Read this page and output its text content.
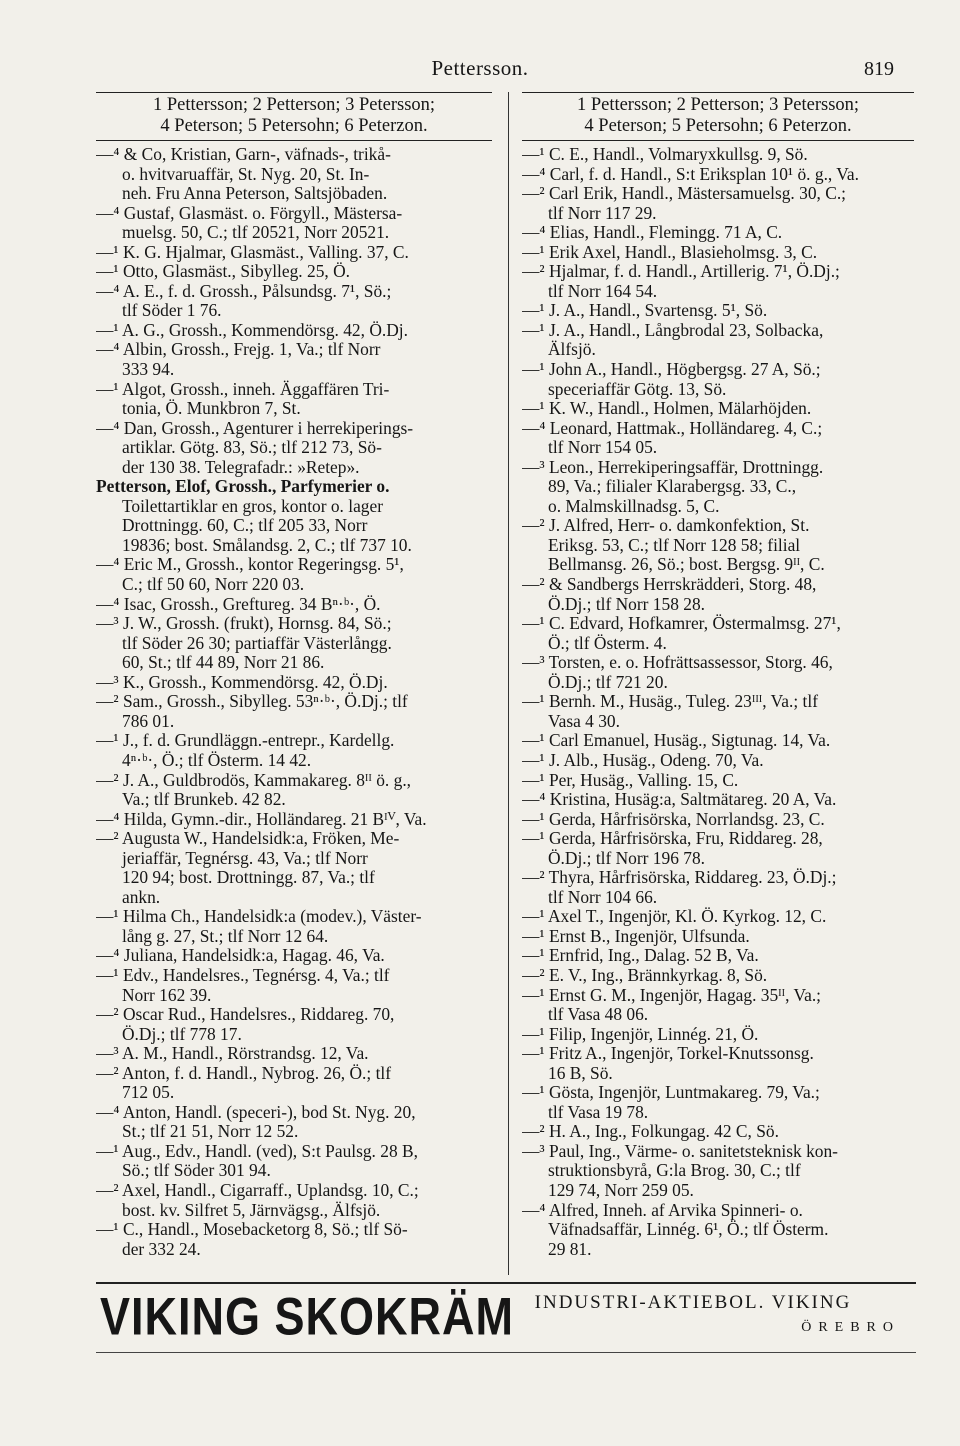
Pettersson.	819
1 Pettersson; 2 Petterson; 3 Petersson;
4 Peterson; 5 Petersohn; 6 Peterzon.
—⁴ & Co, Kristian, Garn-, väfnads-, trikå-
o. hvitvaruaffär, St. Nyg. 20, St. In-
neh. Fru Anna Peterson, Saltsjöbaden.
—⁴ Gustaf, Glasmäst. o. Förgyll., Mästersa-
muelsg. 50, C.; tlf 20521, Norr 20521.
—¹ K. G. Hjalmar, Glasmäst., Valling. 37, C.
—¹ Otto, Glasmäst., Sibylleg. 25, Ö.
—⁴ A. E., f. d. Grossh., Pålsundsg. 7¹, Sö.;
tlf Söder 1 76.
—¹ A. G., Grossh., Kommendörsg. 42, Ö.Dj.
—⁴ Albin, Grossh., Frejg. 1, Va.; tlf Norr
333 94.
—¹ Algot, Grossh., inneh. Äggaffären Tri-
tonia, Ö. Munkbron 7, St.
—⁴ Dan, Grossh., Agenturer i herrekiperings-
artiklar. Götg. 83, Sö.; tlf 212 73, Sö-
der 130 38. Telegrafadr.: »Retep».
Petterson, Elof, Grossh., Parfymerier o.
Toilettartiklar en gros, kontor o. lager
Drottningg. 60, C.; tlf 205 33, Norr
19836; bost. Smålandsg. 2, C.; tlf 737 10.
—⁴ Eric M., Grossh., kontor Regeringsg. 5¹,
C.; tlf 50 60, Norr 220 03.
—⁴ Isac, Grossh., Greftureg. 34 Bⁿ·ᵇ·, Ö.
—³ J. W., Grossh. (frukt), Hornsg. 84, Sö.;
tlf Söder 26 30; partiaffär Västerlångg.
60, St.; tlf 44 89, Norr 21 86.
—³ K., Grossh., Kommendörsg. 42, Ö.Dj.
—² Sam., Grossh., Sibylleg. 53ⁿ·ᵇ·, Ö.Dj.; tlf
786 01.
—¹ J., f. d. Grundläggn.-entrepr., Kardellg.
4ⁿ·ᵇ·, Ö.; tlf Österm. 14 42.
—² J. A., Guldbrodös, Kammakareg. 8ᴵᴵ ö. g.,
Va.; tlf Brunkeb. 42 82.
—⁴ Hilda, Gymn.-dir., Holländareg. 21 Bᴵⱽ, Va.
—² Augusta W., Handelsidk:a, Fröken, Me-
jeriaffär, Tegnérsg. 43, Va.; tlf Norr
120 94; bost. Drottningg. 87, Va.; tlf
ankn.
—¹ Hilma Ch., Handelsidk:a (modev.), Väster-
lång g. 27, St.; tlf Norr 12 64.
—⁴ Juliana, Handelsidk:a, Hagag. 46, Va.
—¹ Edv., Handelsres., Tegnérsg. 4, Va.; tlf
Norr 162 39.
—² Oscar Rud., Handelsres., Riddareg. 70,
Ö.Dj.; tlf 778 17.
—³ A. M., Handl., Rörstrandsg. 12, Va.
—² Anton, f. d. Handl., Nybrog. 26, Ö.; tlf
712 05.
—⁴ Anton, Handl. (speceri-), bod St. Nyg. 20,
St.; tlf 21 51, Norr 12 52.
—¹ Aug., Edv., Handl. (ved), S:t Paulsg. 28 B,
Sö.; tlf Söder 301 94.
—² Axel, Handl., Cigarraff., Uplandsg. 10, C.;
bost. kv. Silfret 5, Järnvägsg., Älfsjö.
—¹ C., Handl., Mosebacketorg 8, Sö.; tlf Sö-
der 332 24.
1 Pettersson; 2 Petterson; 3 Petersson;
4 Peterson; 5 Petersohn; 6 Peterzon.
—¹ C. E., Handl., Volmaryxkullsg. 9, Sö.
—⁴ Carl, f. d. Handl., S:t Eriksplan 10¹ ö. g., Va.
—² Carl Erik, Handl., Mästersamuelsg. 30, C.;
tlf Norr 117 29.
—⁴ Elias, Handl., Flemingg. 71 A, C.
—¹ Erik Axel, Handl., Blasieholmsg. 3, C.
—² Hjalmar, f. d. Handl., Artillerig. 7¹, Ö.Dj.;
tlf Norr 164 54.
—¹ J. A., Handl., Svartensg. 5¹, Sö.
—¹ J. A., Handl., Långbrodal 23, Solbacka,
Älfsjö.
—¹ John A., Handl., Högbergsg. 27 A, Sö.;
speceriaffär Götg. 13, Sö.
—¹ K. W., Handl., Holmen, Mälarhöjden.
—⁴ Leonard, Hattmak., Holländareg. 4, C.;
tlf Norr 154 05.
—³ Leon., Herrekiperingsaffär, Drottningg.
89, Va.; filialer Klarabergsg. 33, C.,
o. Malmskillnadsg. 5, C.
—² J. Alfred, Herr- o. damkonfektion, St.
Eriksg. 53, C.; tlf Norr 128 58; filial
Bellmansg. 26, Sö.; bost. Bergsg. 9ᴵᴵ, C.
—² & Sandbergs Herrskrädderi, Storg. 48,
Ö.Dj.; tlf Norr 158 28.
—¹ C. Edvard, Hofkamrer, Östermalmsg. 27¹,
Ö.; tlf Österm. 4.
—³ Torsten, e. o. Hofrättsassessor, Storg. 46,
Ö.Dj.; tlf 721 20.
—¹ Bernh. M., Husäg., Tuleg. 23ᴵᴵᴵ, Va.; tlf
Vasa 4 30.
—¹ Carl Emanuel, Husäg., Sigtunag. 14, Va.
—¹ J. Alb., Husäg., Odeng. 70, Va.
—¹ Per, Husäg., Valling. 15, C.
—⁴ Kristina, Husäg:a, Saltmätareg. 20 A, Va.
—¹ Gerda, Hårfrisörska, Norrlandsg. 23, C.
—¹ Gerda, Hårfrisörska, Fru, Riddareg. 28,
Ö.Dj.; tlf Norr 196 78.
—² Thyra, Hårfrisörska, Riddareg. 23, Ö.Dj.;
tlf Norr 104 66.
—¹ Axel T., Ingenjör, Kl. Ö. Kyrkog. 12, C.
—¹ Ernst B., Ingenjör, Ulfsunda.
—¹ Ernfrid, Ing., Dalag. 52 B, Va.
—² E. V., Ing., Brännkyrkag. 8, Sö.
—¹ Ernst G. M., Ingenjör, Hagag. 35ᴵᴵ, Va.;
tlf Vasa 48 06.
—¹ Filip, Ingenjör, Linnég. 21, Ö.
—¹ Fritz A., Ingenjör, Torkel-Knutssonsg.
16 B, Sö.
—¹ Gösta, Ingenjör, Luntmakareg. 79, Va.;
tlf Vasa 19 78.
—² H. A., Ing., Folkungag. 42 C, Sö.
—³ Paul, Ing., Värme- o. sanitetsteknisk kon-
struktionsbyrå, G:la Brog. 30, C.; tlf
129 74, Norr 259 05.
—⁴ Alfred, Inneh. af Arvika Spinneri- o.
Väfnadsaffär, Linnég. 6¹, Ö.; tlf Österm.
29 81.
VIKING SKOKRÄM	INDUSTRI-AKTIEBOL. VIKING
ÖREBRO
